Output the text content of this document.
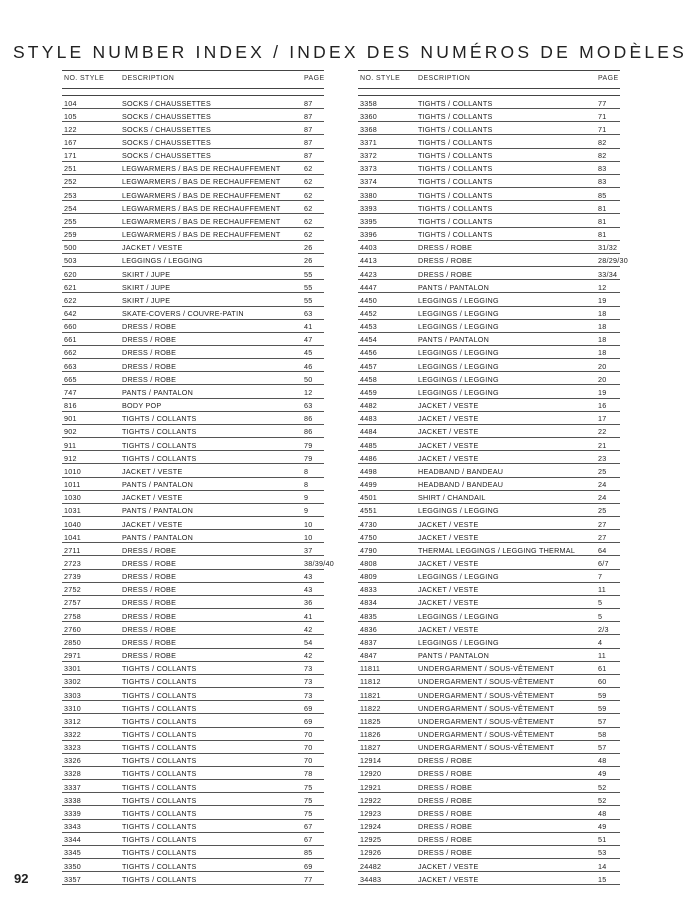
STYLE NUMBER INDEX / INDEX DES NUMÉROS DE MODÈLES
NO. STYLE	DESCRIPTION	PAGE
104	SOCKS / CHAUSSETTES	87
105	SOCKS / CHAUSSETTES	87
122	SOCKS / CHAUSSETTES	87
167	SOCKS / CHAUSSETTES	87
171	SOCKS / CHAUSSETTES	87
251	LEGWARMERS / BAS DE RECHAUFFEMENT	62
252	LEGWARMERS / BAS DE RECHAUFFEMENT	62
253	LEGWARMERS / BAS DE RECHAUFFEMENT	62
254	LEGWARMERS / BAS DE RECHAUFFEMENT	62
255	LEGWARMERS / BAS DE RECHAUFFEMENT	62
259	LEGWARMERS / BAS DE RECHAUFFEMENT	62
500	JACKET / VESTE	26
503	LEGGINGS / LEGGING	26
620	SKIRT / JUPE	55
621	SKIRT / JUPE	55
622	SKIRT / JUPE	55
642	SKATE-COVERS / COUVRE-PATIN	63
660	DRESS / ROBE	41
661	DRESS / ROBE	47
662	DRESS / ROBE	45
663	DRESS / ROBE	46
665	DRESS / ROBE	50
747	PANTS / PANTALON	12
816	BODY POP	63
901	TIGHTS / COLLANTS	86
902	TIGHTS / COLLANTS	86
911	TIGHTS / COLLANTS	79
912	TIGHTS / COLLANTS	79
1010	JACKET / VESTE	8
1011	PANTS / PANTALON	8
1030	JACKET / VESTE	9
1031	PANTS / PANTALON	9
1040	JACKET / VESTE	10
1041	PANTS / PANTALON	10
2711	DRESS / ROBE	37
2723	DRESS / ROBE	38/39/40
2739	DRESS / ROBE	43
2752	DRESS / ROBE	43
2757	DRESS / ROBE	36
2758	DRESS / ROBE	41
2760	DRESS / ROBE	42
2850	DRESS / ROBE	54
2971	DRESS / ROBE	42
3301	TIGHTS / COLLANTS	73
3302	TIGHTS / COLLANTS	73
3303	TIGHTS / COLLANTS	73
3310	TIGHTS / COLLANTS	69
3312	TIGHTS / COLLANTS	69
3322	TIGHTS / COLLANTS	70
3323	TIGHTS / COLLANTS	70
3326	TIGHTS / COLLANTS	70
3328	TIGHTS / COLLANTS	78
3337	TIGHTS / COLLANTS	75
3338	TIGHTS / COLLANTS	75
3339	TIGHTS / COLLANTS	75
3343	TIGHTS / COLLANTS	67
3344	TIGHTS / COLLANTS	67
3345	TIGHTS / COLLANTS	85
3350	TIGHTS / COLLANTS	69
3357	TIGHTS / COLLANTS	77
NO. STYLE	DESCRIPTION	PAGE
3358	TIGHTS / COLLANTS	77
3360	TIGHTS / COLLANTS	71
3368	TIGHTS / COLLANTS	71
3371	TIGHTS / COLLANTS	82
3372	TIGHTS / COLLANTS	82
3373	TIGHTS / COLLANTS	83
3374	TIGHTS / COLLANTS	83
3380	TIGHTS / COLLANTS	85
3393	TIGHTS / COLLANTS	81
3395	TIGHTS / COLLANTS	81
3396	TIGHTS / COLLANTS	81
4403	DRESS / ROBE	31/32
4413	DRESS / ROBE	28/29/30
4423	DRESS / ROBE	33/34
4447	PANTS / PANTALON	12
4450	LEGGINGS / LEGGING	19
4452	LEGGINGS / LEGGING	18
4453	LEGGINGS / LEGGING	18
4454	PANTS / PANTALON	18
4456	LEGGINGS / LEGGING	18
4457	LEGGINGS / LEGGING	20
4458	LEGGINGS / LEGGING	20
4459	LEGGINGS / LEGGING	19
4482	JACKET / VESTE	16
4483	JACKET / VESTE	17
4484	JACKET / VESTE	22
4485	JACKET / VESTE	21
4486	JACKET / VESTE	23
4498	HEADBAND / BANDEAU	25
4499	HEADBAND / BANDEAU	24
4501	SHIRT / CHANDAIL	24
4551	LEGGINGS / LEGGING	25
4730	JACKET / VESTE	27
4750	JACKET / VESTE	27
4790	THERMAL LEGGINGS / LEGGING THERMAL	64
4808	JACKET / VESTE	6/7
4809	LEGGINGS / LEGGING	7
4833	JACKET / VESTE	11
4834	JACKET / VESTE	5
4835	LEGGINGS / LEGGING	5
4836	JACKET / VESTE	2/3
4837	LEGGINGS / LEGGING	4
4847	PANTS / PANTALON	11
11811	UNDERGARMENT / SOUS-VÊTEMENT	61
11812	UNDERGARMENT / SOUS-VÊTEMENT	60
11821	UNDERGARMENT / SOUS-VÊTEMENT	59
11822	UNDERGARMENT / SOUS-VÊTEMENT	59
11825	UNDERGARMENT / SOUS-VÊTEMENT	57
11826	UNDERGARMENT / SOUS-VÊTEMENT	58
11827	UNDERGARMENT / SOUS-VÊTEMENT	57
12914	DRESS / ROBE	48
12920	DRESS / ROBE	49
12921	DRESS / ROBE	52
12922	DRESS / ROBE	52
12923	DRESS / ROBE	48
12924	DRESS / ROBE	49
12925	DRESS / ROBE	51
12926	DRESS / ROBE	53
24482	JACKET / VESTE	14
34483	JACKET / VESTE	15
92
